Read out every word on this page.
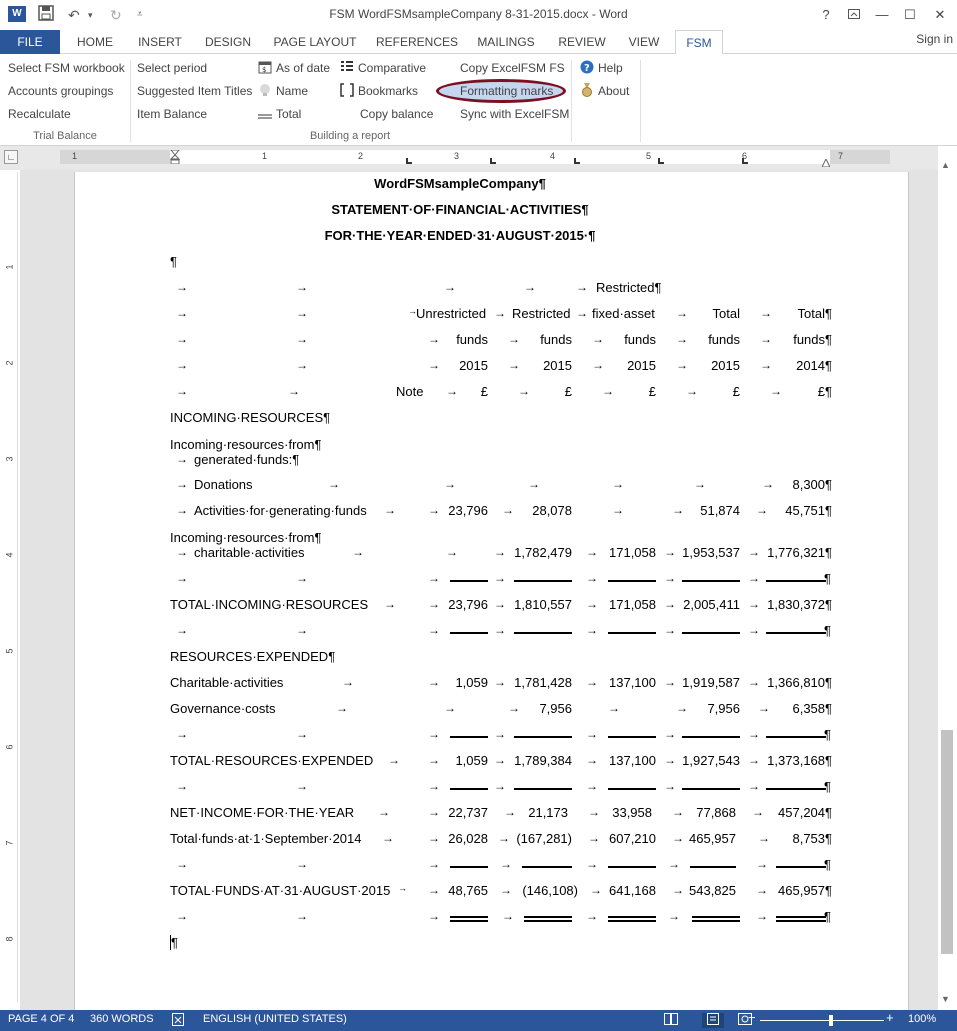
W	↶ ▾ ↻ ⩡	FSM WordFSMsampleCompany 8-31-2015.docx - Word	?	—	☐	✕
FILE	HOME	INSERT	DESIGN	PAGE LAYOUT	REFERENCES	MAILINGS	REVIEW	VIEW	FSM	Sign in
Select FSM workbook
Accounts groupings
Recalculate
Trial Balance
Select period
Suggested Item Titles
Item Balance
$ As of date
Name
Total
Comparative
Bookmarks
Copy balance
Copy ExcelFSM FS
Formatting marks
Sync with ExcelFSM
Building a report
? Help
About
∟	1	1	2	3	4	5	6	7
1
2
3
4
5
6
7
8
WordFSMsampleCompany¶
STATEMENT·OF·FINANCIAL·ACTIVITIES¶
FOR·THE·YEAR·ENDED·31·AUGUST·2015·¶
¶
→	→	→	→	→ Restricted¶
→	→	→ Unrestricted → Restricted → fixed·asset →	Total →	Total¶
→	→	→	funds →	funds →	funds →	funds →	funds¶
→	→	→	2015 →	2015 →	2015 →	2015 →	2014¶
→	→	Note →	£	→	£	→	£	→	£	→	£¶
INCOMING·RESOURCES¶
Incoming·resources·from¶
→ generated·funds:¶
→ Donations	→	→	→	→	→	→	8,300¶
→ Activities·for·generating·funds →	→ 23,796 →	28,078	→	→	51,874 →	45,751¶
Incoming·resources·from¶
→ charitable·activities	→	→	→ 1,782,479 → 171,058 → 1,953,537 → 1,776,321¶
→	→	→	→	→	→	→	¶
TOTAL·INCOMING·RESOURCES →	→ 23,796 → 1,810,557 → 171,058 → 2,005,411 → 1,830,372¶
→	→	→	→	→	→	→	¶
RESOURCES·EXPENDED¶
Charitable·activities	→	→	1,059 → 1,781,428 → 137,100 → 1,919,587 → 1,366,810¶
Governance·costs	→	→	→	7,956	→	→	7,956 →	6,358¶
→	→	→	→	→	→	→	¶
TOTAL·RESOURCES·EXPENDED → →	1,059 → 1,789,384 → 137,100 → 1,927,543 → 1,373,168¶
→	→	→	→	→	→	→	¶
NET·INCOME·FOR·THE·YEAR →	→ 22,737 → 21,173 → 33,958 → 77,868 →	457,204¶
Total·funds·at·1·September·2014 →	→ 26,028 → (167,281) → 607,210 → 465,957 →	8,753¶
→	→	→	→	→	→	→	¶
TOTAL·FUNDS·AT·31·AUGUST·2015 → → 48,765 → (146,108) → 641,168 → 543,825 → 465,957¶
→	→	→	→	→	→	→	¶
¶
▲
▼
PAGE 4 OF 4 360 WORDS	ENGLISH (UNITED STATES)	−	+ 100%
